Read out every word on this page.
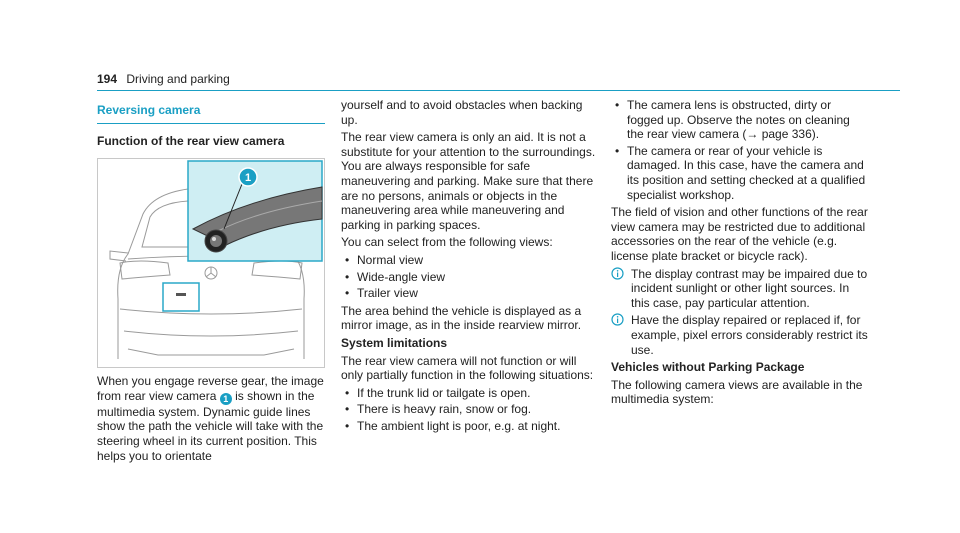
194 Driving and parking
Reversing camera
Function of the rear view camera
1

When you engage reverse gear, the image from rear view camera 1 is shown in the multimedia system. Dynamic guide lines show the path the vehicle will take with the steering wheel in its current position. This helps you to orientate

yourself and to avoid obstacles when backing up.

The rear view camera is only an aid. It is not a substitute for your attention to the surroundings. You are always responsible for safe maneuvering and parking. Make sure that there are no persons, animals or objects in the maneuvering area while maneuvering and parking in parking spaces.

You can select from the following views:

• Normal view
• Wide-angle view
• Trailer view

The area behind the vehicle is displayed as a mirror image, as in the inside rearview mirror.

System limitations

The rear view camera will not function or will only partially function in the following situations:

• If the trunk lid or tailgate is open.
• There is heavy rain, snow or fog.
• The ambient light is poor, e.g. at night.
• The camera lens is obstructed, dirty or fogged up. Observe the notes on cleaning the rear view camera (→ page 336).
• The camera or rear of your vehicle is damaged. In this case, have the camera and its position and setting checked at a qualified specialist workshop.

The field of vision and other functions of the rear view camera may be restricted due to additional accessories on the rear of the vehicle (e.g. license plate bracket or bicycle rack).

The display contrast may be impaired due to incident sunlight or other light sources. In this case, pay particular attention.
Have the display repaired or replaced if, for example, pixel errors considerably restrict its use.

Vehicles without Parking Package

The following camera views are available in the multimedia system:
